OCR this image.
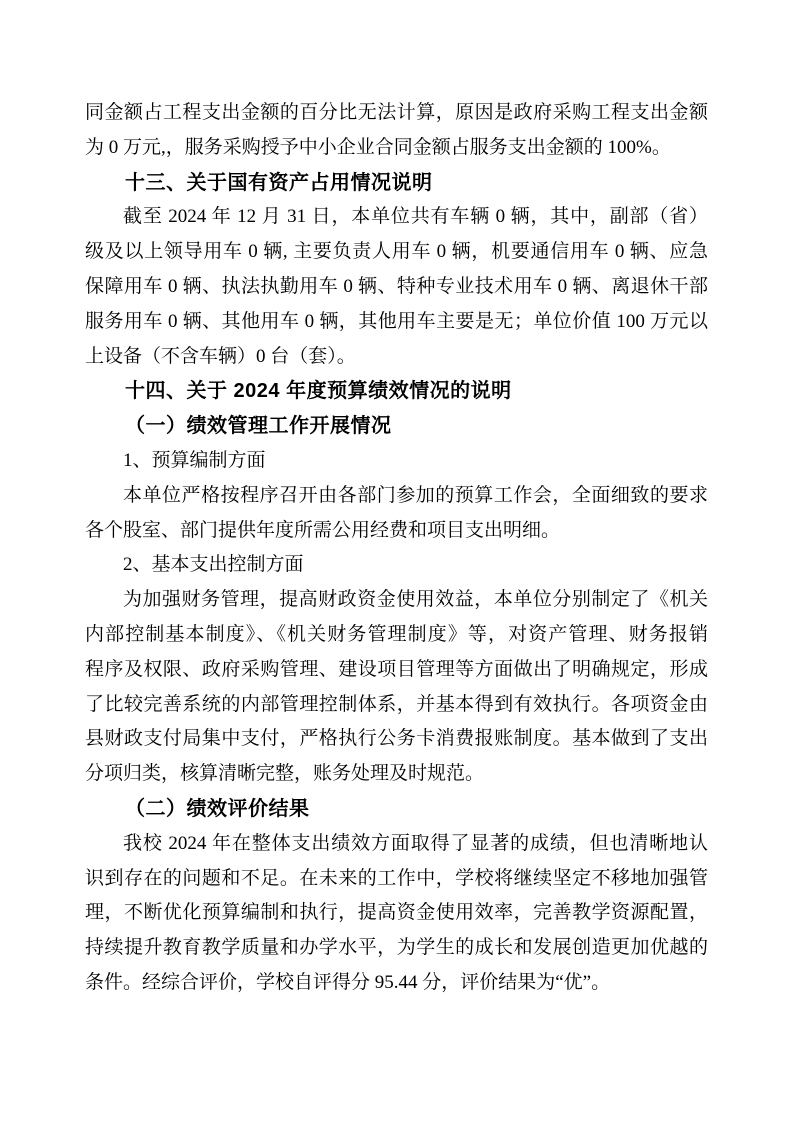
同金额占工程支出金额的百分比无法计算，原因是政府采购工程支出金额
为 0 万元,，服务采购授予中小企业合同金额占服务支出金额的 100%。
十三、关于国有资产占用情况说明
截至 2024 年 12 月 31 日，本单位共有车辆 0 辆，其中，副部（省）
级及以上领导用车 0 辆, 主要负责人用车 0 辆，机要通信用车 0 辆、应急
保障用车 0 辆、执法执勤用车 0 辆、特种专业技术用车 0 辆、离退休干部
服务用车 0 辆、其他用车 0 辆，其他用车主要是无；单位价值 100 万元以
上设备（不含车辆）0 台（套）。
十四、关于 2024 年度预算绩效情况的说明
（一）绩效管理工作开展情况
1、预算编制方面
本单位严格按程序召开由各部门参加的预算工作会，全面细致的要求
各个股室、部门提供年度所需公用经费和项目支出明细。
2、基本支出控制方面
为加强财务管理，提高财政资金使用效益，本单位分别制定了《机关
内部控制基本制度》、《机关财务管理制度》等，对资产管理、财务报销
程序及权限、政府采购管理、建设项目管理等方面做出了明确规定，形成
了比较完善系统的内部管理控制体系，并基本得到有效执行。各项资金由
县财政支付局集中支付，严格执行公务卡消费报账制度。基本做到了支出
分项归类，核算清晰完整，账务处理及时规范。
（二）绩效评价结果
我校 2024 年在整体支出绩效方面取得了显著的成绩，但也清晰地认
识到存在的问题和不足。在未来的工作中，学校将继续坚定不移地加强管
理，不断优化预算编制和执行，提高资金使用效率，完善教学资源配置，
持续提升教育教学质量和办学水平，为学生的成长和发展创造更加优越的
条件。经综合评价，学校自评得分 95.44 分，评价结果为“优”。
